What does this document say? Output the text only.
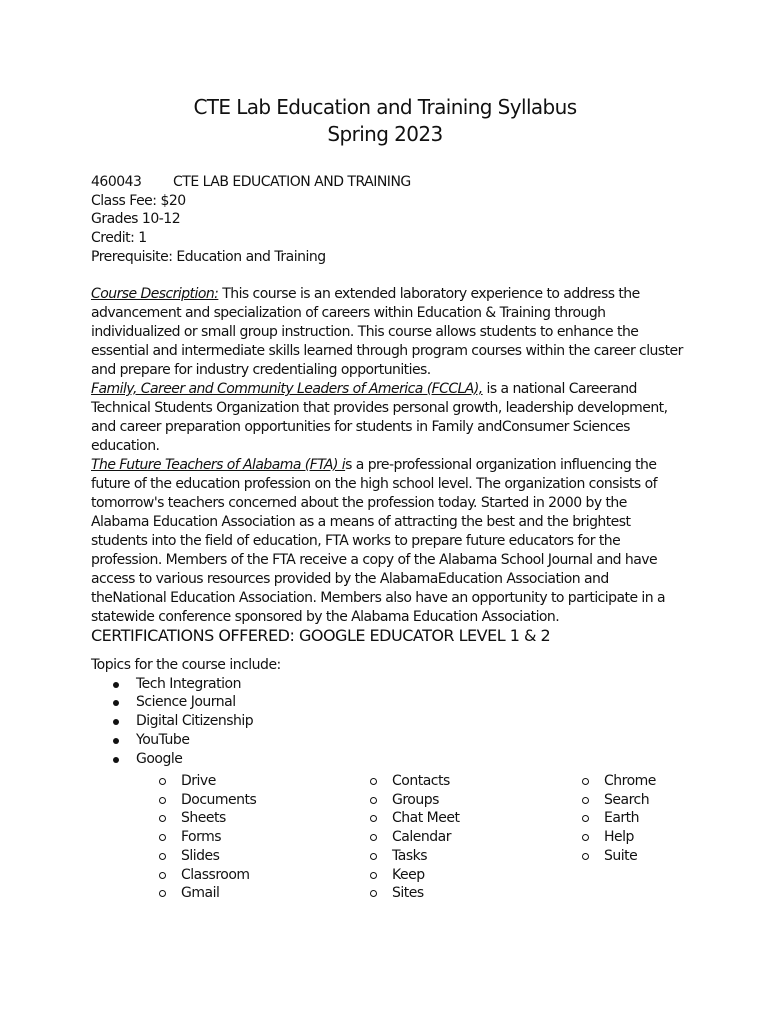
CTE Lab Education and Training Syllabus
Spring 2023
460043 CTE LAB EDUCATION AND TRAINING
Class Fee: $20
Grades 10-12
Credit: 1
Prerequisite: Education and Training

Course Description: This course is an extended laboratory experience to address the advancement and specialization of careers within Education & Training through individualized or small group instruction. This course allows students to enhance the essential and intermediate skills learned through program courses within the career cluster and prepare for industry credentialing opportunities.

Family, Career and Community Leaders of America (FCCLA), is a national Careerand Technical Students Organization that provides personal growth, leadership development, and career preparation opportunities for students in Family andConsumer Sciences education.

The Future Teachers of Alabama (FTA) is a pre-professional organization influencing the future of the education profession on the high school level. The organization consists of tomorrow's teachers concerned about the profession today. Started in 2000 by the Alabama Education Association as a means of attracting the best and the brightest students into the field of education, FTA works to prepare future educators for the profession. Members of the FTA receive a copy of the Alabama School Journal and have access to various resources provided by the AlabamaEducation Association and theNational Education Association. Members also have an opportunity to participate in a statewide conference sponsored by the Alabama Education Association.

CERTIFICATIONS OFFERED: GOOGLE EDUCATOR LEVEL 1 & 2
Topics for the course include:
Tech Integration
Science Journal
Digital Citizenship
YouTube
Google
Drive
Documents
Sheets
Forms
Slides
Classroom
Gmail
Contacts
Groups
Chat Meet
Calendar
Tasks
Keep
Sites
Chrome
Search
Earth
Help
Suite
